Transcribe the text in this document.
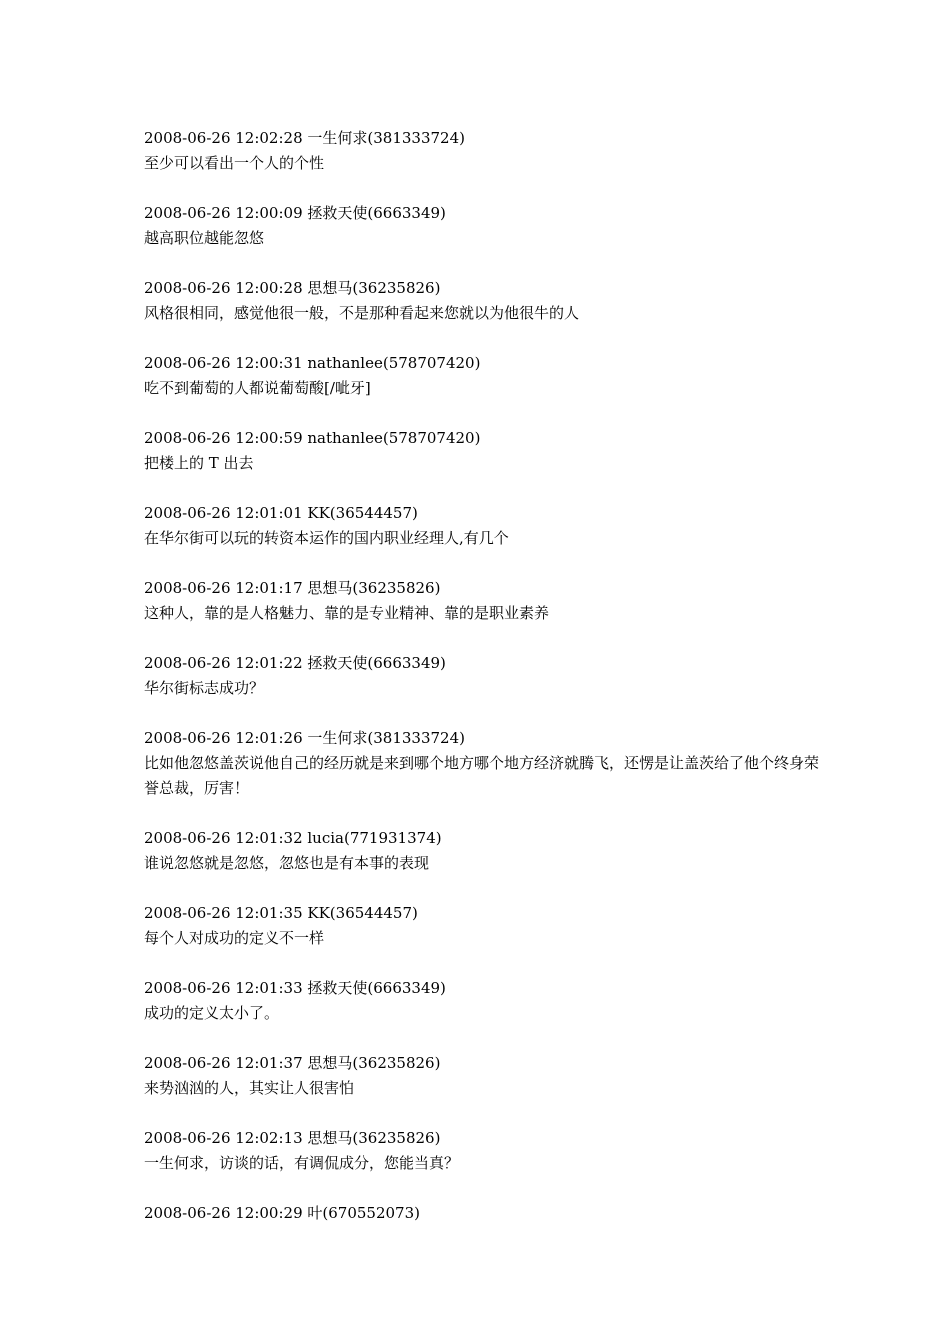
2008-06-26 12:02:28 一生何求(381333724)
至少可以看出一个人的个性
2008-06-26 12:00:09 拯救天使(6663349)
越高职位越能忽悠
2008-06-26 12:00:28 思想马(36235826)
风格很相同，感觉他很一般，不是那种看起来您就以为他很牛的人
2008-06-26 12:00:31 nathanlee(578707420)
吃不到葡萄的人都说葡萄酸[/呲牙]
2008-06-26 12:00:59 nathanlee(578707420)
把楼上的 T 出去
2008-06-26 12:01:01 KK(36544457)
在华尔街可以玩的转资本运作的国内职业经理人,有几个
2008-06-26 12:01:17 思想马(36235826)
这种人，靠的是人格魅力、靠的是专业精神、靠的是职业素养
2008-06-26 12:01:22 拯救天使(6663349)
华尔街标志成功？
2008-06-26 12:01:26 一生何求(381333724)
比如他忽悠盖茨说他自己的经历就是来到哪个地方哪个地方经济就腾飞，还愣是让盖茨给了他个终身荣誉总裁，厉害！
2008-06-26 12:01:32 lucia(771931374)
谁说忽悠就是忽悠，忽悠也是有本事的表现
2008-06-26 12:01:35 KK(36544457)
每个人对成功的定义不一样
2008-06-26 12:01:33 拯救天使(6663349)
成功的定义太小了。
2008-06-26 12:01:37 思想马(36235826)
来势汹汹的人，其实让人很害怕
2008-06-26 12:02:13 思想马(36235826)
一生何求，访谈的话，有调侃成分，您能当真？
2008-06-26 12:00:29 叶(670552073)
